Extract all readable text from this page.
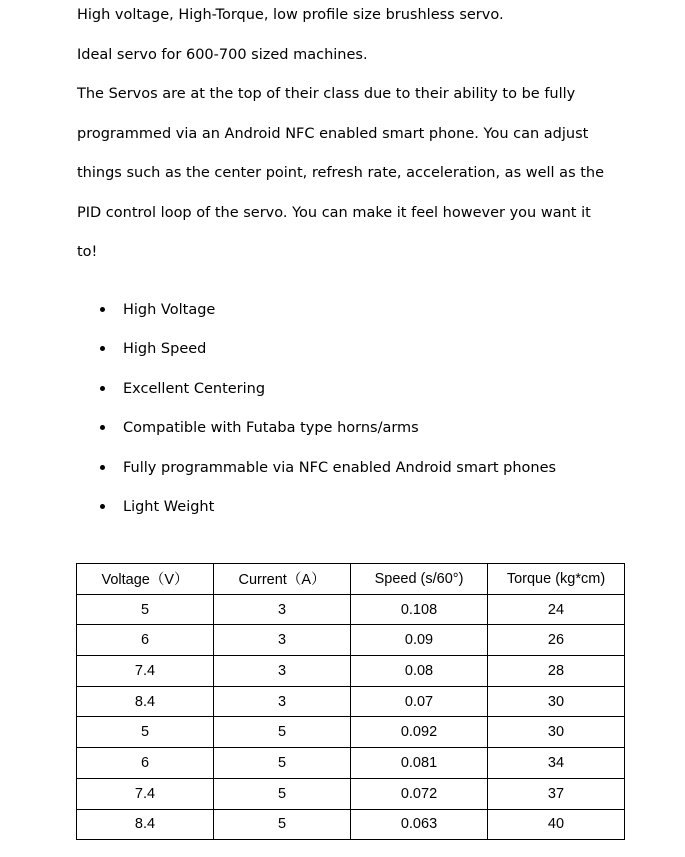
High voltage, High-Torque, low profile size brushless servo.
Ideal servo for 600-700 sized machines.
The Servos are at the top of their class due to their ability to be fully
programmed via an Android NFC enabled smart phone. You can adjust
things such as the center point, refresh rate, acceleration, as well as the
PID control loop of the servo. You can make it feel however you want it
to!
High Voltage
High Speed
Excellent Centering
Compatible with Futaba type horns/arms
Fully programmable via NFC enabled Android smart phones
Light Weight
Voltage（V）	Current（A）	Speed (s/60°)	Torque (kg*cm)
5	3	0.108	24
6	3	0.09	26
7.4	3	0.08	28
8.4	3	0.07	30
5	5	0.092	30
6	5	0.081	34
7.4	5	0.072	37
8.4	5	0.063	40
